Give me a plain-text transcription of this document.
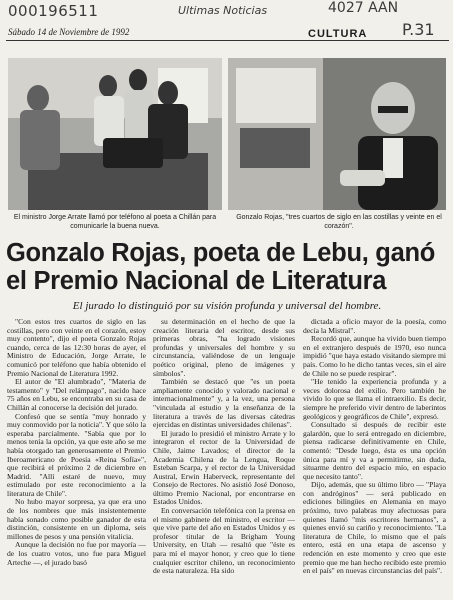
000196511	Ultimas Noticias	4027 AAN
P.31
Sábado 14 de Noviembre de 1992	CULTURA
El ministro Jorge Arrate llamó por teléfono al poeta a Chillán para comunicarle la buena nueva.
Gonzalo Rojas, "tres cuartos de siglo en las costillas y veinte en el corazón".
Gonzalo Rojas, poeta de Lebu, ganó
el Premio Nacional de Literatura
El jurado lo distinguió por su visión profunda y universal del hombre.

"Con estos tres cuartos de siglo en las costillas, pero con veinte en el corazón, estoy muy contento", dijo el poeta Gonzalo Rojas cuando, cerca de las 12:30 horas de ayer, el Ministro de Educación, Jorge Arrate, le comunicó por teléfono que había obtenido el Premio Nacional de Literatura 1992.

El autor de "El alumbrado", "Materia de testamento" y "Del relámpago", nacido hace 75 años en Lebu, se encontraba en su casa de Chillán al conocerse la decisión del jurado.

Confesó que se sentía "muy honrado y muy conmovido por la noticia". Y que sólo la esperaba parcialmente. "Sabía que por lo menos tenía la opción, ya que este año se me había otorgado tan generosamente el Premio Iberoamericano de Poesía «Reina Sofía»", que recibirá el próximo 2 de diciembre en Madrid. "Allí estaré de nuevo, muy estimulado por este reconocimiento a la literatura de Chile".

No hubo mayor sorpresa, ya que era uno de los nombres que más insistentemente había sonado como posible ganador de esta distinción, consistente en un diploma, seis millones de pesos y una pensión vitalicia.

Aunque la decisión no fue por mayoría — de los cuatro votos, uno fue para Miguel Arteche —, el jurado basó

su determinación en el hecho de que la creación literaria del escritor, desde sus primeras obras, "ha logrado visiones profundas y universales del hombre y su circunstancia, valiéndose de un lenguaje poético original, pleno de imágenes y símbolos".

También se destacó que "es un poeta ampliamente conocido y valorado nacional e internacionalmente" y, a la vez, una persona "vinculada al estudio y la enseñanza de la literatura a través de las diversas cátedras ejercidas en distintas universidades chilenas".

El jurado lo presidió el ministro Arrate y lo integraron el rector de la Universidad de Chile, Jaime Lavados; el director de la Academia Chilena de la Lengua, Roque Esteban Scarpa, y el rector de la Universidad Austral, Erwin Haberveck, representante del Consejo de Rectores. No asistió José Donoso, último Premio Nacional, por encontrarse en Estados Unidos.

En conversación telefónica con la prensa en el mismo gabinete del ministro, el escritor — que vive parte del año en Estados Unidos y es profesor titular de la Brigham Young University, en Utah — resaltó que "éste es para mí el mayor honor, y creo que lo tiene cualquier escritor chileno, un reconocimiento de esta naturaleza. Ha sido

dictada a oficio mayor de la poesía, como decía la Mistral".

Recordó que, aunque ha vivido buen tiempo en el extranjero después de 1970, eso nunca impidió "que haya estado visitando siempre mi país. Como lo he dicho tantas veces, sin el aire de Chile no se puede respirar".

"He tenido la experiencia profunda y a veces dolorosa del exilio. Pero también he vivido lo que se llama el intraexilio. Es decir, siempre he preferido vivir dentro de laberintos geológicos y geográficos de Chile", expresó.

Consultado si después de recibir este galardón, que lo será entregado en diciembre, piensa radicarse definitivamente en Chile, comentó: "Desde luego, ésta es una opción única para mí y va a permitirme, sin duda, situarme dentro del espacio mío, en espacio que necesito tanto".

Dijo, además, que su último libro — "Playa con andróginos" — será publicado en ediciones bilingües en Alemania en mayo próximo, tuvo palabras muy afectuosas para quienes llamó "mis escritores hermanos", a quienes envió su cariño y reconocimiento. "La literatura de Chile, lo mismo que el país entero, está en una etapa de ascenso y redención en este momento y creo que este premio que me han hecho recibido este premio en el país" en nuevas circunstancias del país".
